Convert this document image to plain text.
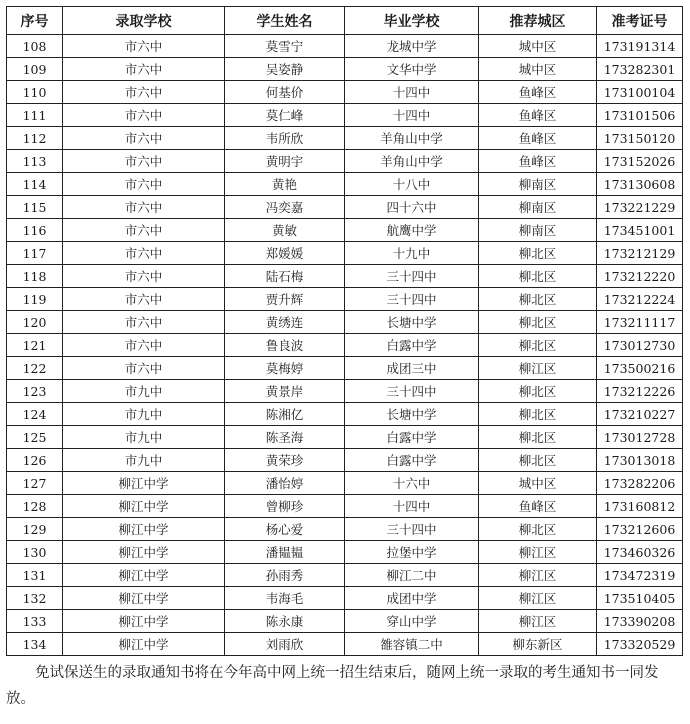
序号	录取学校	学生姓名	毕业学校	推荐城区	准考证号
108	市六中	莫雪宁	龙城中学	城中区	173191314
109	市六中	吴姿静	文华中学	城中区	173282301
110	市六中	何基价	十四中	鱼峰区	173100104
111	市六中	莫仁峰	十四中	鱼峰区	173101506
112	市六中	韦所欣	羊角山中学	鱼峰区	173150120
113	市六中	黄明宇	羊角山中学	鱼峰区	173152026
114	市六中	黄艳	十八中	柳南区	173130608
115	市六中	冯奕嘉	四十六中	柳南区	173221229
116	市六中	黄敏	航鹰中学	柳南区	173451001
117	市六中	郑媛媛	十九中	柳北区	173212129
118	市六中	陆石梅	三十四中	柳北区	173212220
119	市六中	贾升辉	三十四中	柳北区	173212224
120	市六中	黄绣连	长塘中学	柳北区	173211117
121	市六中	鲁良波	白露中学	柳北区	173012730
122	市六中	莫梅婷	成团三中	柳江区	173500216
123	市九中	黄景岸	三十四中	柳北区	173212226
124	市九中	陈湘亿	长塘中学	柳北区	173210227
125	市九中	陈圣海	白露中学	柳北区	173012728
126	市九中	黄荣珍	白露中学	柳北区	173013018
127	柳江中学	潘怡婷	十六中	城中区	173282206
128	柳江中学	曾柳珍	十四中	鱼峰区	173160812
129	柳江中学	杨心爱	三十四中	柳北区	173212606
130	柳江中学	潘韫韫	拉堡中学	柳江区	173460326
131	柳江中学	孙雨秀	柳江二中	柳江区	173472319
132	柳江中学	韦海毛	成团中学	柳江区	173510405
133	柳江中学	陈永康	穿山中学	柳江区	173390208
134	柳江中学	刘雨欣	雒容镇二中	柳东新区	173320529

免试保送生的录取通知书将在今年高中网上统一招生结束后，随网上统一录取的考生通知书一同发放。
